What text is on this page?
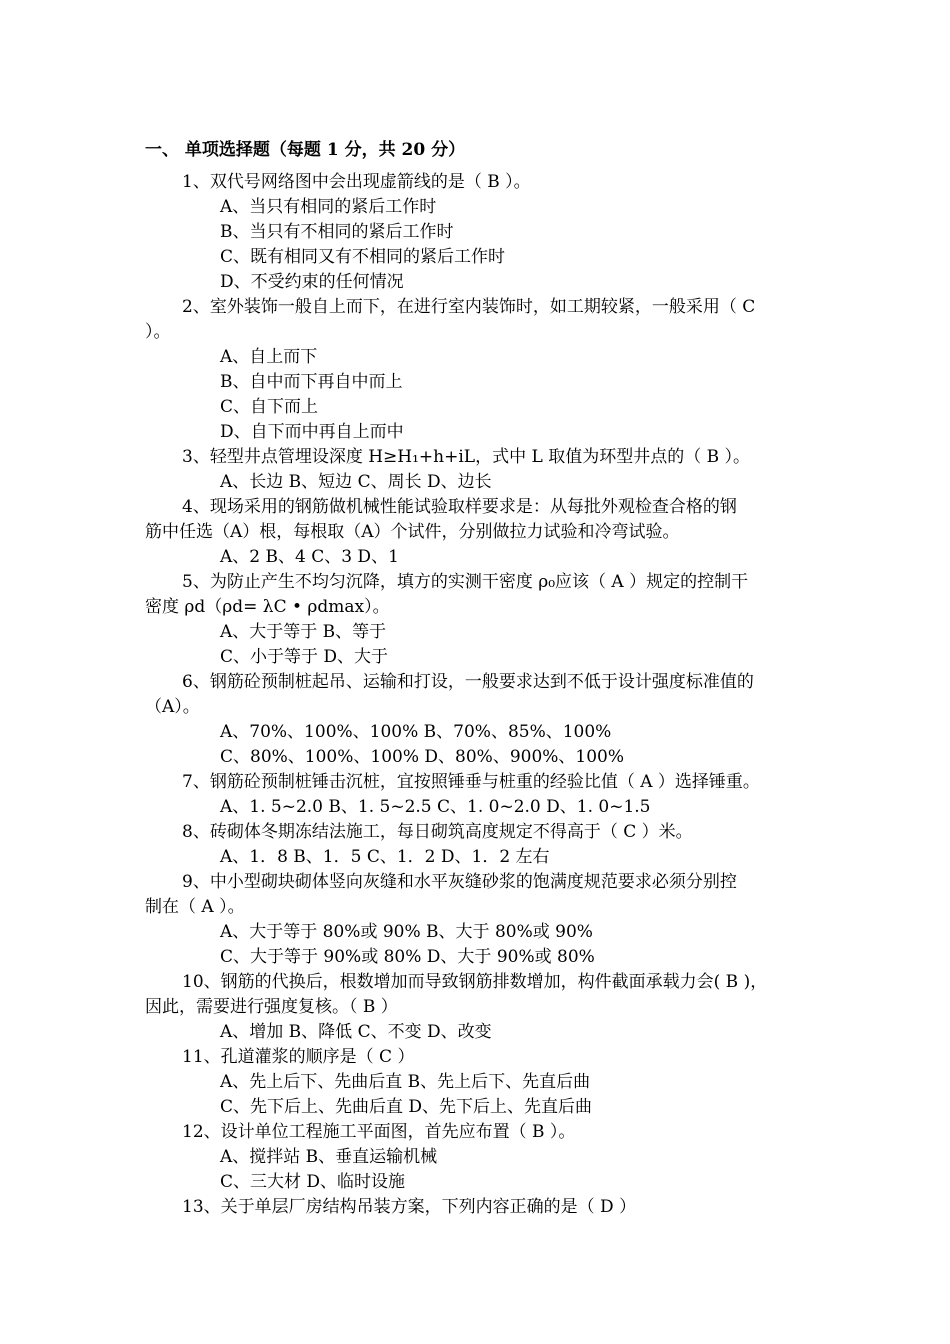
一、 单项选择题（每题 1 分，共 20 分）
1、双代号网络图中会出现虚箭线的是（ B ）。
A、当只有相同的紧后工作时
B、当只有不相同的紧后工作时
C、既有相同又有不相同的紧后工作时
D、不受约束的任何情况
2、室外装饰一般自上而下，在进行室内装饰时，如工期较紧，一般采用（ C
）。
A、自上而下
B、自中而下再自中而上
C、自下而上
D、自下而中再自上而中
3、轻型井点管埋设深度 H≥H₁+h+iL，式中 L 取值为环型井点的（ B ）。
A、长边 B、短边 C、周长 D、边长
4、现场采用的钢筋做机械性能试验取样要求是：从每批外观检查合格的钢
筋中任选（A）根，每根取（A）个试件，分别做拉力试验和冷弯试验。
A、2 B、4 C、3 D、1
5、为防止产生不均匀沉降，填方的实测干密度 ρ₀应该（ A ）规定的控制干
密度 ρd（ρd= λC • ρdmax）。
A、大于等于 B、等于
C、小于等于 D、大于
6、钢筋砼预制桩起吊、运输和打设，一般要求达到不低于设计强度标准值的
（A）。
A、70%、100%、100% B、70%、85%、100%
C、80%、100%、100% D、80%、900%、100%
7、钢筋砼预制桩锤击沉桩，宜按照锤垂与桩重的经验比值（ A ）选择锤重。
A、1. 5~2.0 B、1. 5~2.5 C、1. 0~2.0 D、1. 0~1.5
8、砖砌体冬期冻结法施工，每日砌筑高度规定不得高于（ C ）米。
A、1．8 B、1．5 C、1．2 D、1．2 左右
9、中小型砌块砌体竖向灰缝和水平灰缝砂浆的饱满度规范要求必须分别控
制在（ A ）。
A、大于等于 80%或 90% B、大于 80%或 90%
C、大于等于 90%或 80% D、大于 90%或 80%
10、钢筋的代换后，根数增加而导致钢筋排数增加，构件截面承载力会( B )，
因此，需要进行强度复核。（ B ）
A、增加 B、降低 C、不变 D、改变
11、孔道灌浆的顺序是（ C ）
A、先上后下、先曲后直 B、先上后下、先直后曲
C、先下后上、先曲后直 D、先下后上、先直后曲
12、设计单位工程施工平面图，首先应布置（ B ）。
A、搅拌站 B、垂直运输机械
C、三大材 D、临时设施
13、关于单层厂房结构吊装方案，下列内容正确的是（ D ）
